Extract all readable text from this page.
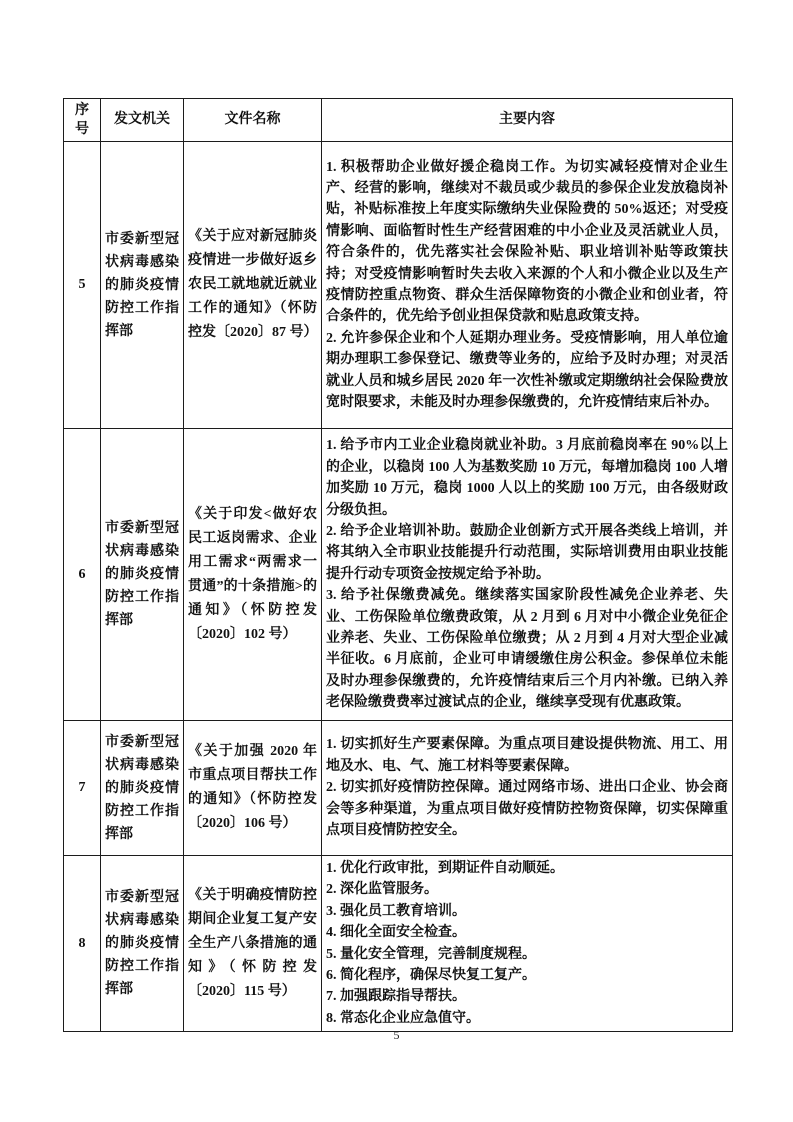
序号	发文机关	文件名称	主要内容
5	市委新型冠状病毒感染的肺炎疫情防控工作指挥部	《关于应对新冠肺炎疫情进一步做好返乡农民工就地就近就业工作的通知》（怀防控发〔2020〕87 号）	1. 积极帮助企业做好援企稳岗工作。为切实减轻疫情对企业生产、经营的影响，继续对不裁员或少裁员的参保企业发放稳岗补贴，补贴标准按上年度实际缴纳失业保险费的 50%返还；对受疫情影响、面临暂时性生产经营困难的中小企业及灵活就业人员，符合条件的，优先落实社会保险补贴、职业培训补贴等政策扶持；对受疫情影响暂时失去收入来源的个人和小微企业以及生产疫情防控重点物资、群众生活保障物资的小微企业和创业者，符合条件的，优先给予创业担保贷款和贴息政策支持。

2. 允许参保企业和个人延期办理业务。受疫情影响，用人单位逾期办理职工参保登记、缴费等业务的，应给予及时办理；对灵活就业人员和城乡居民 2020 年一次性补缴或定期缴纳社会保险费放宽时限要求，未能及时办理参保缴费的，允许疫情结束后补办。

6	市委新型冠状病毒感染的肺炎疫情防控工作指挥部	《关于印发<做好农民工返岗需求、企业用工需求“两需求一贯通”的十条措施>的通知》（怀防控发〔2020〕102 号）	1. 给予市内工业企业稳岗就业补助。3 月底前稳岗率在 90%以上的企业，以稳岗 100 人为基数奖励 10 万元，每增加稳岗 100 人增加奖励 10 万元，稳岗 1000 人以上的奖励 100 万元，由各级财政分级负担。

2. 给予企业培训补助。鼓励企业创新方式开展各类线上培训，并将其纳入全市职业技能提升行动范围，实际培训费用由职业技能提升行动专项资金按规定给予补助。

3. 给予社保缴费减免。继续落实国家阶段性减免企业养老、失业、工伤保险单位缴费政策，从 2 月到 6 月对中小微企业免征企业养老、失业、工伤保险单位缴费；从 2 月到 4 月对大型企业减半征收。6 月底前，企业可申请缓缴住房公积金。参保单位未能及时办理参保缴费的，允许疫情结束后三个月内补缴。已纳入养老保险缴费费率过渡试点的企业，继续享受现有优惠政策。

7	市委新型冠状病毒感染的肺炎疫情防控工作指挥部	《关于加强 2020 年市重点项目帮扶工作的通知》（怀防控发〔2020〕106 号）	1. 切实抓好生产要素保障。为重点项目建设提供物流、用工、用地及水、电、气、施工材料等要素保障。

2. 切实抓好疫情防控保障。通过网络市场、进出口企业、协会商会等多种渠道，为重点项目做好疫情防控物资保障，切实保障重点项目疫情防控安全。

8	市委新型冠状病毒感染的肺炎疫情防控工作指挥部	《关于明确疫情防控期间企业复工复产安全生产八条措施的通知》（怀防控发〔2020〕115 号）	

1. 优化行政审批，到期证件自动顺延。

2. 深化监管服务。

3. 强化员工教育培训。

4. 细化全面安全检查。

5. 量化安全管理，完善制度规程。

6. 简化程序，确保尽快复工复产。

7. 加强跟踪指导帮扶。

8. 常态化企业应急值守。

5
